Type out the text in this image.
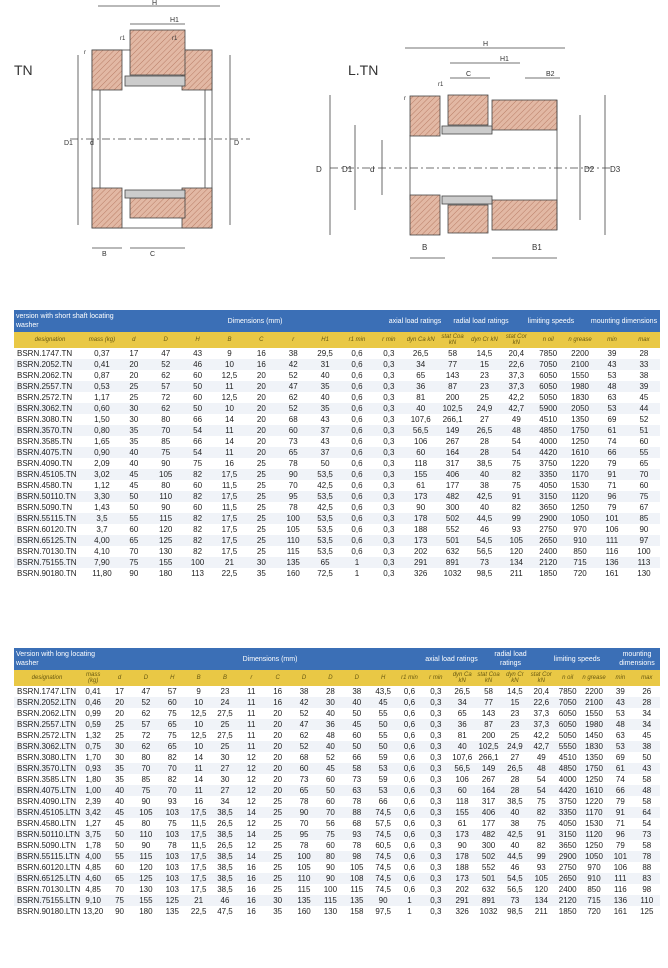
TN
H
H1
r1	r1
r
D1 d	D
B	C
L.TN
H
H1
C	B2
r1
r
D	D1 d	D2 D3
B	B1
version with short shaft locating washer	Dimensions (mm)	axial load ratings	radial load ratings	limiting speeds	mounting dimensions
designation	mass (kg)	d	D	H	B	C	r	H1	r1 min	r min	dyn Ca kN	stat Coa kN	dyn Cr kN	stat Cor kN	n oil	n grease	min	max
BSRN.1747.TN	0,37	17	47	43	9	16	38	29,5	0,6	0,3	26,5	58	14,5	20,4	7850	2200	39	28
BSRN.2052.TN	0,41	20	52	46	10	16	42	31	0,6	0,3	34	77	15	22,6	7050	2100	43	33
BSRN.2062.TN	0,87	20	62	60	12,5	20	52	40	0,6	0,3	65	143	23	37,3	6050	1550	53	38
BSRN.2557.TN	0,53	25	57	50	11	20	47	35	0,6	0,3	36	87	23	37,3	6050	1980	48	39
BSRN.2572.TN	1,17	25	72	60	12,5	20	62	40	0,6	0,3	81	200	25	42,2	5050	1830	63	45
BSRN.3062.TN	0,60	30	62	50	10	20	52	35	0,6	0,3	40	102,5	24,9	42,7	5900	2050	53	44
BSRN.3080.TN	1,50	30	80	66	14	20	68	43	0,6	0,3	107,6	266,1	27	49	4510	1350	69	52
BSRN.3570.TN	0,80	35	70	54	11	20	60	37	0,6	0,3	56,5	149	26,5	48	4850	1750	61	51
BSRN.3585.TN	1,65	35	85	66	14	20	73	43	0,6	0,3	106	267	28	54	4000	1250	74	60
BSRN.4075.TN	0,90	40	75	54	11	20	65	37	0,6	0,3	60	164	28	54	4420	1610	66	55
BSRN.4090.TN	2,09	40	90	75	16	25	78	50	0,6	0,3	118	317	38,5	75	3750	1220	79	65
BSRN.45105.TN	3,02	45	105	82	17,5	25	90	53,5	0,6	0,3	155	406	40	82	3350	1170	91	70
BSRN.4580.TN	1,12	45	80	60	11,5	25	70	42,5	0,6	0,3	61	177	38	75	4050	1530	71	60
BSRN.50110.TN	3,30	50	110	82	17,5	25	95	53,5	0,6	0,3	173	482	42,5	91	3150	1120	96	75
BSRN.5090.TN	1,43	50	90	60	11,5	25	78	42,5	0,6	0,3	90	300	40	82	3650	1250	79	67
BSRN.55115.TN	3,5	55	115	82	17,5	25	100	53,5	0,6	0,3	178	502	44,5	99	2900	1050	101	85
BSRN.60120.TN	3,7	60	120	82	17,5	25	105	53,5	0,6	0,3	188	552	46	93	2750	970	106	90
BSRN.65125.TN	4,00	65	125	82	17,5	25	110	53,5	0,6	0,3	173	501	54,5	105	2650	910	111	97
BSRN.70130.TN	4,10	70	130	82	17,5	25	115	53,5	0,6	0,3	202	632	56,5	120	2400	850	116	100
BSRN.75155.TN	7,90	75	155	100	21	30	135	65	1	0,3	291	891	73	134	2120	715	136	113
BSRN.90180.TN	11,80	90	180	113	22,5	35	160	72,5	1	0,3	326	1032	98,5	211	1850	720	161	130
Version with long locating washer	Dimensions (mm)	axial load ratings	radial load ratings	limiting speeds	mounting dimensions
designation	mass (kg)	d	D	H	B	B	r	C	D	D	D	H	r1 min	r min	dyn Ca kN	stat Coa kN	dyn Cr kN	stat Cor kN	n oil	n grease	min	max
BSRN.1747.LTN	0,41	17	47	57	9	23	11	16	38	28	38	43,5	0,6	0,3	26,5	58	14,5	20,4	7850	2200	39	26
BSRN.2052.LTN	0,46	20	52	60	10	24	11	16	42	30	40	45	0,6	0,3	34	77	15	22,6	7050	2100	43	28
BSRN.2062.LTN	0,99	20	62	75	12,5	27,5	11	20	52	40	50	55	0,6	0,3	65	143	23	37,3	6050	1550	53	34
BSRN.2557.LTN	0,59	25	57	65	10	25	11	20	47	36	45	50	0,6	0,3	36	87	23	37,3	6050	1980	48	34
BSRN.2572.LTN	1,32	25	72	75	12,5	27,5	11	20	62	48	60	55	0,6	0,3	81	200	25	42,2	5050	1450	63	45
BSRN.3062.LTN	0,75	30	62	65	10	25	11	20	52	40	50	50	0,6	0,3	40	102,5	24,9	42,7	5550	1830	53	38
BSRN.3080.LTN	1,70	30	80	82	14	30	12	20	68	52	66	59	0,6	0,3	107,6	266,1	27	49	4510	1350	69	50
BSRN.3570.LTN	0,93	35	70	70	11	27	12	20	60	45	58	53	0,6	0,3	56,5	149	26,5	48	4850	1750	61	43
BSRN.3585.LTN	1,80	35	85	82	14	30	12	20	73	60	73	59	0,6	0,3	106	267	28	54	4000	1250	74	58
BSRN.4075.LTN	1,00	40	75	70	11	27	12	20	65	50	63	53	0,6	0,3	60	164	28	54	4420	1610	66	48
BSRN.4090.LTN	2,39	40	90	93	16	34	12	25	78	60	78	66	0,6	0,3	118	317	38,5	75	3750	1220	79	58
BSRN.45105.LTN	3,42	45	105	103	17,5	38,5	14	25	90	70	88	74,5	0,6	0,3	155	406	40	82	3350	1170	91	64
BSRN.4580.LTN	1,27	45	80	75	11,5	26,5	12	25	70	56	68	57,5	0,6	0,3	61	177	38	75	4050	1530	71	54
BSRN.50110.LTN	3,75	50	110	103	17,5	38,5	14	25	95	75	93	74,5	0,6	0,3	173	482	42,5	91	3150	1120	96	73
BSRN.5090.LTN	1,78	50	90	78	11,5	26,5	12	25	78	60	78	60,5	0,6	0,3	90	300	40	82	3650	1250	79	58
BSRN.55115.LTN	4,00	55	115	103	17,5	38,5	14	25	100	80	98	74,5	0,6	0,3	178	502	44,5	99	2900	1050	101	78
BSRN.60120.LTN	4,85	60	120	103	17,5	38,5	16	25	105	90	105	74,5	0,6	0,3	188	552	46	93	2750	970	106	88
BSRN.65125.LTN	4,60	65	125	103	17,5	38,5	16	25	110	90	108	74,5	0,6	0,3	173	501	54,5	105	2650	910	111	83
BSRN.70130.LTN	4,85	70	130	103	17,5	38,5	16	25	115	100	115	74,5	0,6	0,3	202	632	56,5	120	2400	850	116	98
BSRN.75155.LTN	9,10	75	155	125	21	46	16	30	135	115	135	90	1	0,3	291	891	73	134	2120	715	136	110
BSRN.90180.LTN	13,20	90	180	135	22,5	47,5	16	35	160	130	158	97,5	1	0,3	326	1032	98,5	211	1850	720	161	125
